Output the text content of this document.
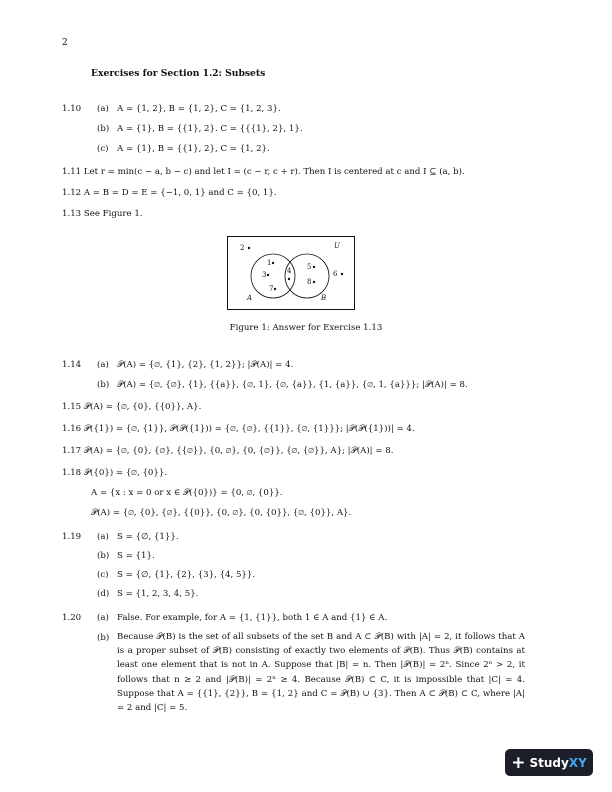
2
Exercises for Section 1.2: Subsets
1.10 (a) A = {1, 2}, B = {1, 2}, C = {1, 2, 3}.
(b) A = {1}, B = {{1}, 2}. C = {{{1}, 2}, 1}.
(c) A = {1}, B = {{1}, 2}, C = {1, 2}.
1.11 Let r = min(c − a, b − c) and let I = (c − r, c + r). Then I is centered at c and I ⊆ (a, b).
1.12 A = B = D = E = {−1, 0, 1} and C = {0, 1}.
1.13 See Figure 1.
U
A	B
2
1
3	4
7
5
8
6
Figure 1: Answer for Exercise 1.13
1.14 (a) 𝒫(A) = {∅, {1}, {2}, {1, 2}}; |𝒫(A)| = 4.
(b) 𝒫(A) = {∅, {∅}, {1}, {{a}}, {∅, 1}, {∅, {a}}, {1, {a}}, {∅, 1, {a}}}; |𝒫(A)| = 8.
1.15 𝒫(A) = {∅, {0}, {{0}}, A}.
1.16 𝒫({1}) = {∅, {1}}, 𝒫(𝒫({1})) = {∅, {∅}, {{1}}, {∅, {1}}}; |𝒫(𝒫({1}))| = 4.
1.17 𝒫(A) = {∅, {0}, {∅}, {{∅}}, {0, ∅}, {0, {∅}}, {∅, {∅}}, A}; |𝒫(A)| = 8.
1.18 𝒫({0}) = {∅, {0}}.
A = {x : x = 0 or x ∈ 𝒫({0})} = {0, ∅, {0}}.
𝒫(A) = {∅, {0}, {∅}, {{0}}, {0, ∅}, {0, {0}}, {∅, {0}}, A}.
1.19 (a) S = {∅, {1}}.
(b) S = {1}.
(c) S = {∅, {1}, {2}, {3}, {4, 5}}.
(d) S = {1, 2, 3, 4, 5}.
1.20 (a) False. For example, for A = {1, {1}}, both 1 ∈ A and {1} ∈ A.
(b) Because 𝒫(B) is the set of all subsets of the set B and A ⊂ 𝒫(B) with |A| = 2, it follows that A is a proper subset of 𝒫(B) consisting of exactly two elements of 𝒫(B). Thus 𝒫(B) contains at least one element that is not in A. Suppose that |B| = n. Then |𝒫(B)| = 2ⁿ. Since 2ⁿ > 2, it follows that n ≥ 2 and |𝒫(B)| = 2ⁿ ≥ 4. Because 𝒫(B) ⊂ C, it is impossible that |C| = 4. Suppose that A = {{1}, {2}}, B = {1, 2} and C = 𝒫(B) ∪ {3}. Then A ⊂ 𝒫(B) ⊂ C, where |A| = 2 and |C| = 5.
+ Study XY
